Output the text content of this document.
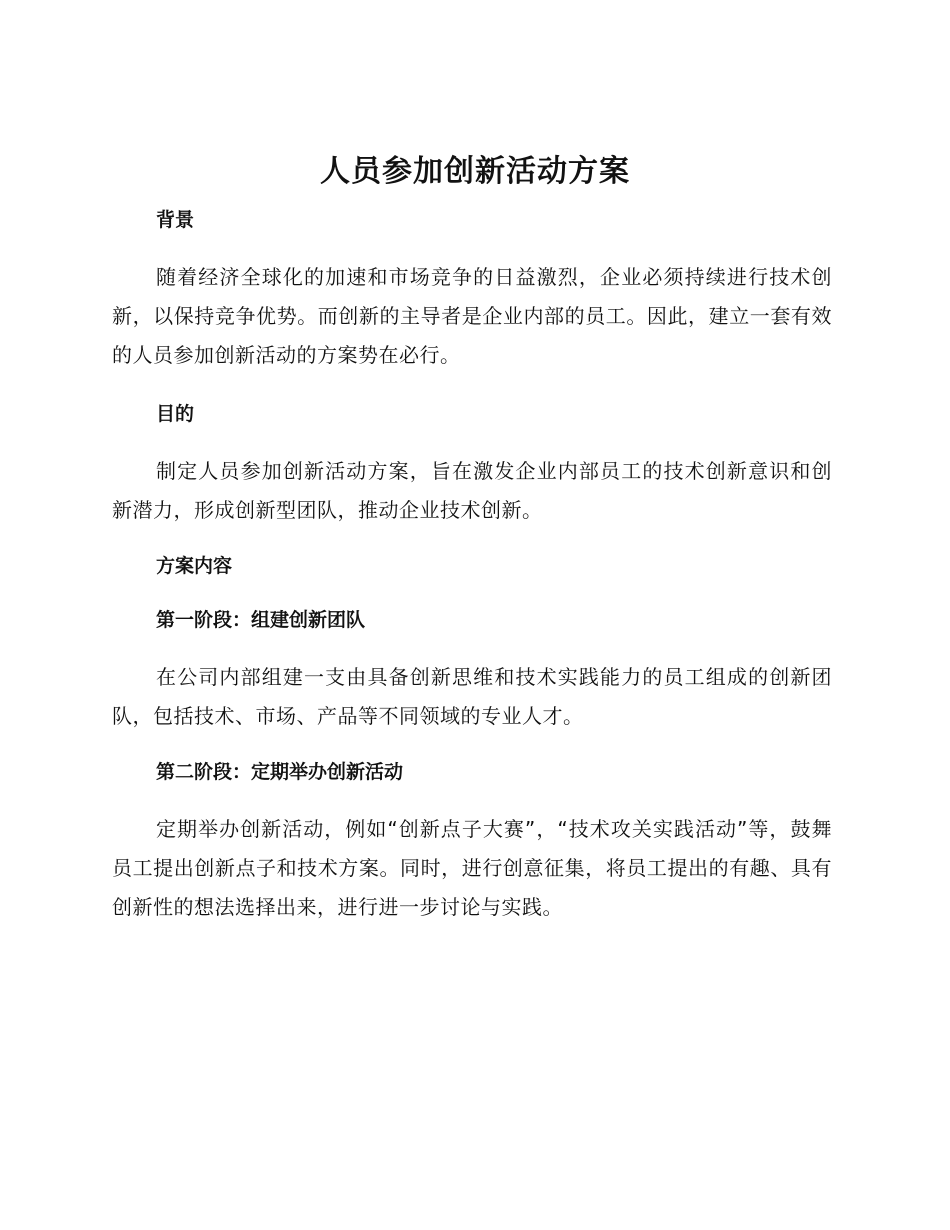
人员参加创新活动方案

背景

随着经济全球化的加速和市场竞争的日益激烈，企业必须持续进行技术创新，以保持竞争优势。而创新的主导者是企业内部的员工。因此，建立一套有效的人员参加创新活动的方案势在必行。

目的

制定人员参加创新活动方案，旨在激发企业内部员工的技术创新意识和创新潜力，形成创新型团队，推动企业技术创新。

方案内容

第一阶段：组建创新团队

在公司内部组建一支由具备创新思维和技术实践能力的员工组成的创新团队，包括技术、市场、产品等不同领域的专业人才。

第二阶段：定期举办创新活动

定期举办创新活动，例如“创新点子大赛”，“技术攻关实践活动”等，鼓舞员工提出创新点子和技术方案。同时，进行创意征集，将员工提出的有趣、具有创新性的想法选择出来，进行进一步讨论与实践。
